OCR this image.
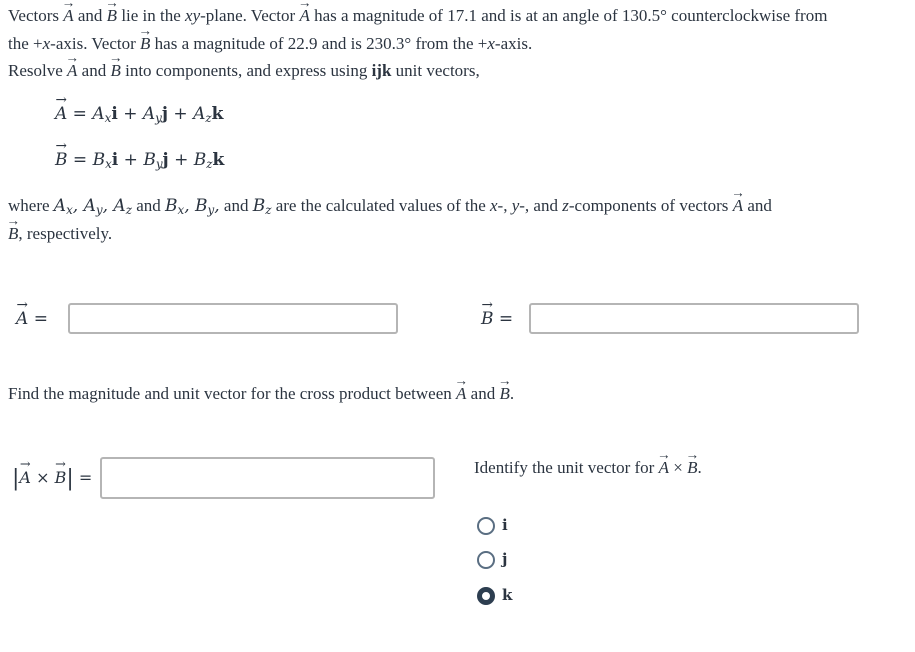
Vectors → A and → B lie in the xy-plane. Vector → A has a magnitude of 17.1 and is at an angle of 130.5° counterclockwise from
the +x-axis. Vector → B has a magnitude of 22.9 and is 230.3° from the +x-axis.
Resolve → A and → B into components, and express using ijk unit vectors,
→ $A = A_xi + A_yj + A_zk$
→ $B = B_xi + B_yj + B_zk$
where $A_x$, $A_y$, $A_z$ and $B_x$, $B_y$, and $B_z$ are the calculated values of the x-, y-, and z-components of vectors → A and
→ B, respectively.
→ A =	→ B =
Find the magnitude and unit vector for the cross product between → A and → B.
|→ A × → B| =
Identify the unit vector for → A × → B.
i
j
k
